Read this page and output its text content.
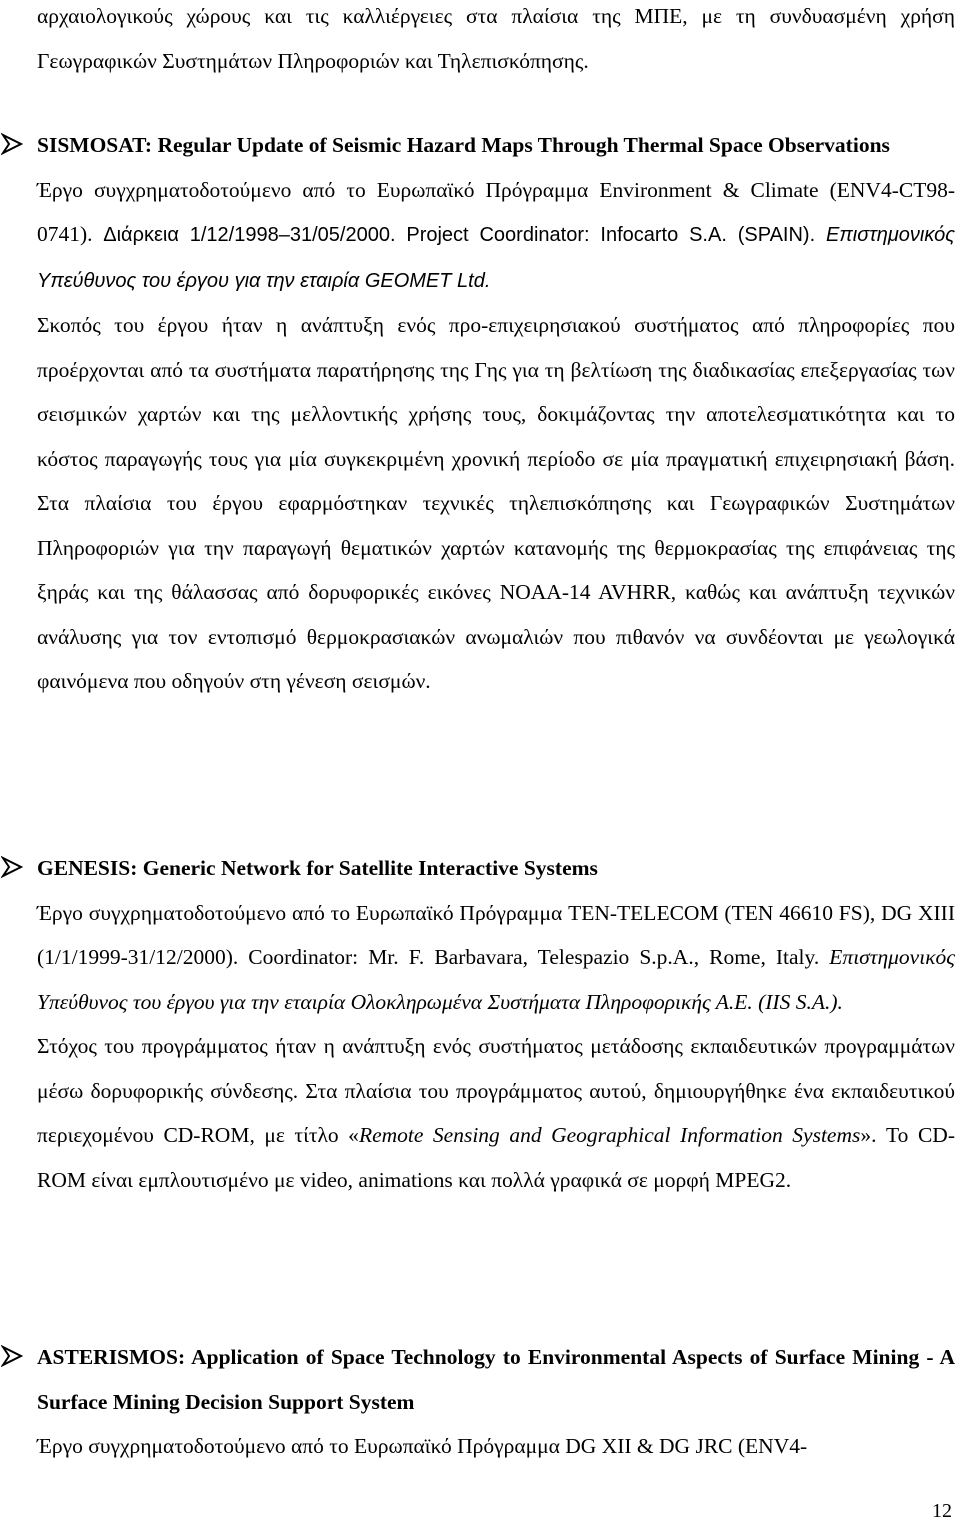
αρχαιολογικούς χώρους και τις καλλιέργειες στα πλαίσια της ΜΠΕ, με τη συνδυασμένη χρήση Γεωγραφικών Συστημάτων Πληροφοριών και Τηλεπισκόπησης.
SISMOSAT: Regular Update of Seismic Hazard Maps Through Thermal Space Observations
Έργο συγχρηματοδοτούμενο από το Ευρωπαϊκό Πρόγραμμα Environment & Climate (ENV4-CT98-0741). Διάρκεια 1/12/1998–31/05/2000. Project Coordinator: Infocarto S.A. (SPAIN). Επιστημονικός Υπεύθυνος του έργου για την εταιρία GEOMET Ltd.
Σκοπός του έργου ήταν η ανάπτυξη ενός προ-επιχειρησιακού συστήματος από πληροφορίες που προέρχονται από τα συστήματα παρατήρησης της Γης για τη βελτίωση της διαδικασίας επεξεργασίας των σεισμικών χαρτών και της μελλοντικής χρήσης τους, δοκιμάζοντας την αποτελεσματικότητα και το κόστος παραγωγής τους για μία συγκεκριμένη χρονική περίοδο σε μία πραγματική επιχειρησιακή βάση. Στα πλαίσια του έργου εφαρμόστηκαν τεχνικές τηλεπισκόπησης και Γεωγραφικών Συστημάτων Πληροφοριών για την παραγωγή θεματικών χαρτών κατανομής της θερμοκρασίας της επιφάνειας της ξηράς και της θάλασσας από δορυφορικές εικόνες NOAA-14 AVHRR, καθώς και ανάπτυξη τεχνικών ανάλυσης για τον εντοπισμό θερμοκρασιακών ανωμαλιών που πιθανόν να συνδέονται με γεωλογικά φαινόμενα που οδηγούν στη γένεση σεισμών.
GENESIS: Generic Network for Satellite Interactive Systems
Έργο συγχρηματοδοτούμενο από το Ευρωπαϊκό Πρόγραμμα TEN-TELECOM (TEN 46610 FS), DG XIII (1/1/1999-31/12/2000). Coordinator: Mr. F. Barbavara, Telespazio S.p.A., Rome, Italy. Επιστημονικός Υπεύθυνος του έργου για την εταιρία Ολοκληρωμένα Συστήματα Πληροφορικής Α.Ε. (IIS S.A.).
Στόχος του προγράμματος ήταν η ανάπτυξη ενός συστήματος μετάδοσης εκπαιδευτικών προγραμμάτων μέσω δορυφορικής σύνδεσης. Στα πλαίσια του προγράμματος αυτού, δημιουργήθηκε ένα εκπαιδευτικού περιεχομένου CD-ROM, με τίτλο «Remote Sensing and Geographical Information Systems». Το CD-ROM είναι εμπλουτισμένο με video, animations και πολλά γραφικά σε μορφή MPEG2.
ASTERISMOS: Application of Space Technology to Environmental Aspects of Surface Mining - A Surface Mining Decision Support System
Έργο συγχρηματοδοτούμενο από το Ευρωπαϊκό Πρόγραμμα DG XII & DG JRC (ENV4-
12
